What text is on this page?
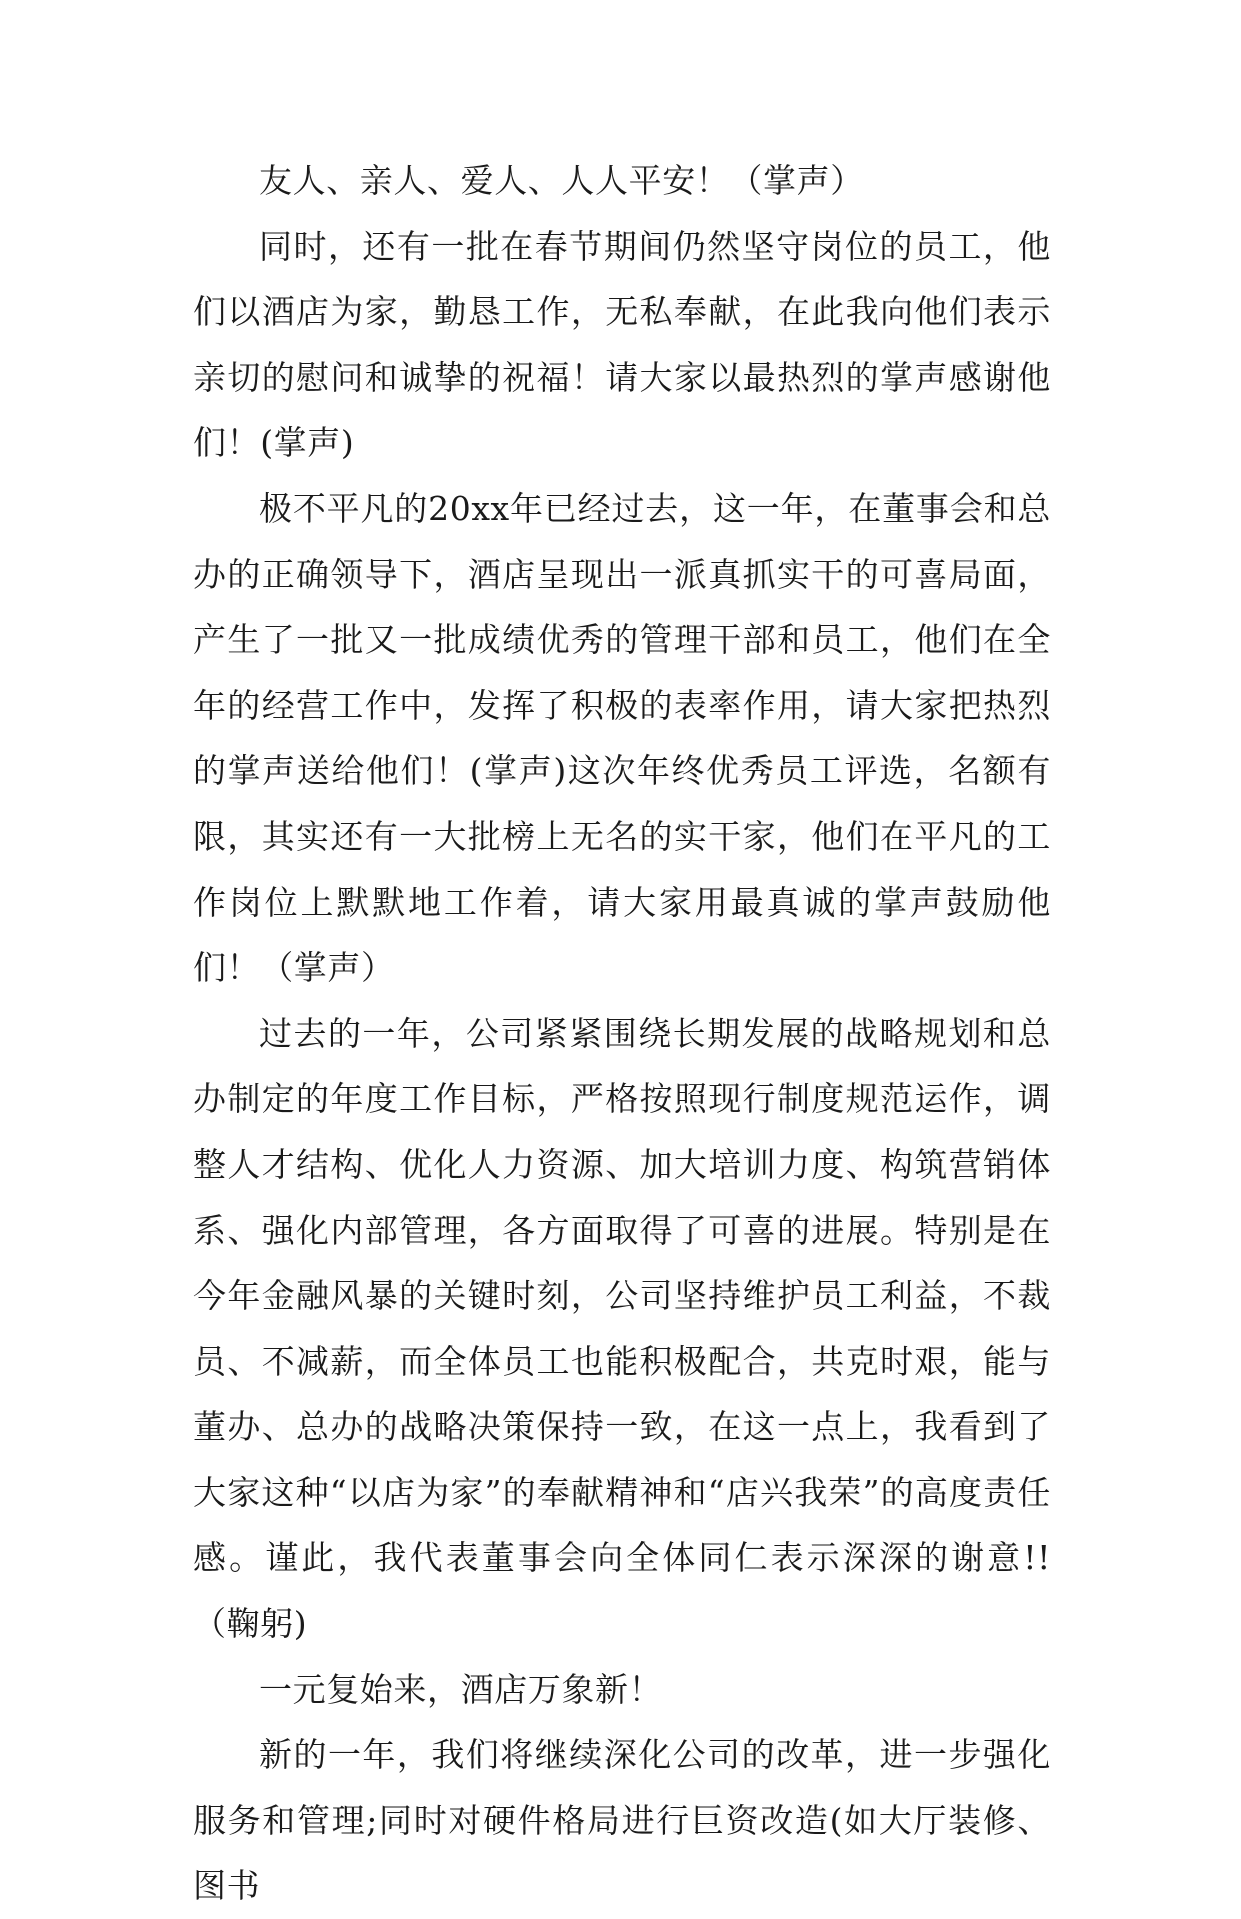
友人、亲人、爱人、人人平安！（掌声）

同时，还有一批在春节期间仍然坚守岗位的员工，他们以酒店为家，勤恳工作，无私奉献，在此我向他们表示亲切的慰问和诚挚的祝福！请大家以最热烈的掌声感谢他们！(掌声)

极不平凡的20xx年已经过去，这一年，在董事会和总办的正确领导下，酒店呈现出一派真抓实干的可喜局面，产生了一批又一批成绩优秀的管理干部和员工，他们在全年的经营工作中，发挥了积极的表率作用，请大家把热烈的掌声送给他们！(掌声)这次年终优秀员工评选，名额有限，其实还有一大批榜上无名的实干家，他们在平凡的工作岗位上默默地工作着，请大家用最真诚的掌声鼓励他们！（掌声）

过去的一年，公司紧紧围绕长期发展的战略规划和总办制定的年度工作目标，严格按照现行制度规范运作，调整人才结构、优化人力资源、加大培训力度、构筑营销体系、强化内部管理，各方面取得了可喜的进展。特别是在今年金融风暴的关键时刻，公司坚持维护员工利益，不裁员、不减薪，而全体员工也能积极配合，共克时艰，能与董办、总办的战略决策保持一致，在这一点上，我看到了大家这种“以店为家”的奉献精神和“店兴我荣”的高度责任感。谨此，我代表董事会向全体同仁表示深深的谢意!!（鞠躬)

一元复始来，酒店万象新！

新的一年，我们将继续深化公司的改革，进一步强化服务和管理;同时对硬件格局进行巨资改造(如大厅装修、图书
